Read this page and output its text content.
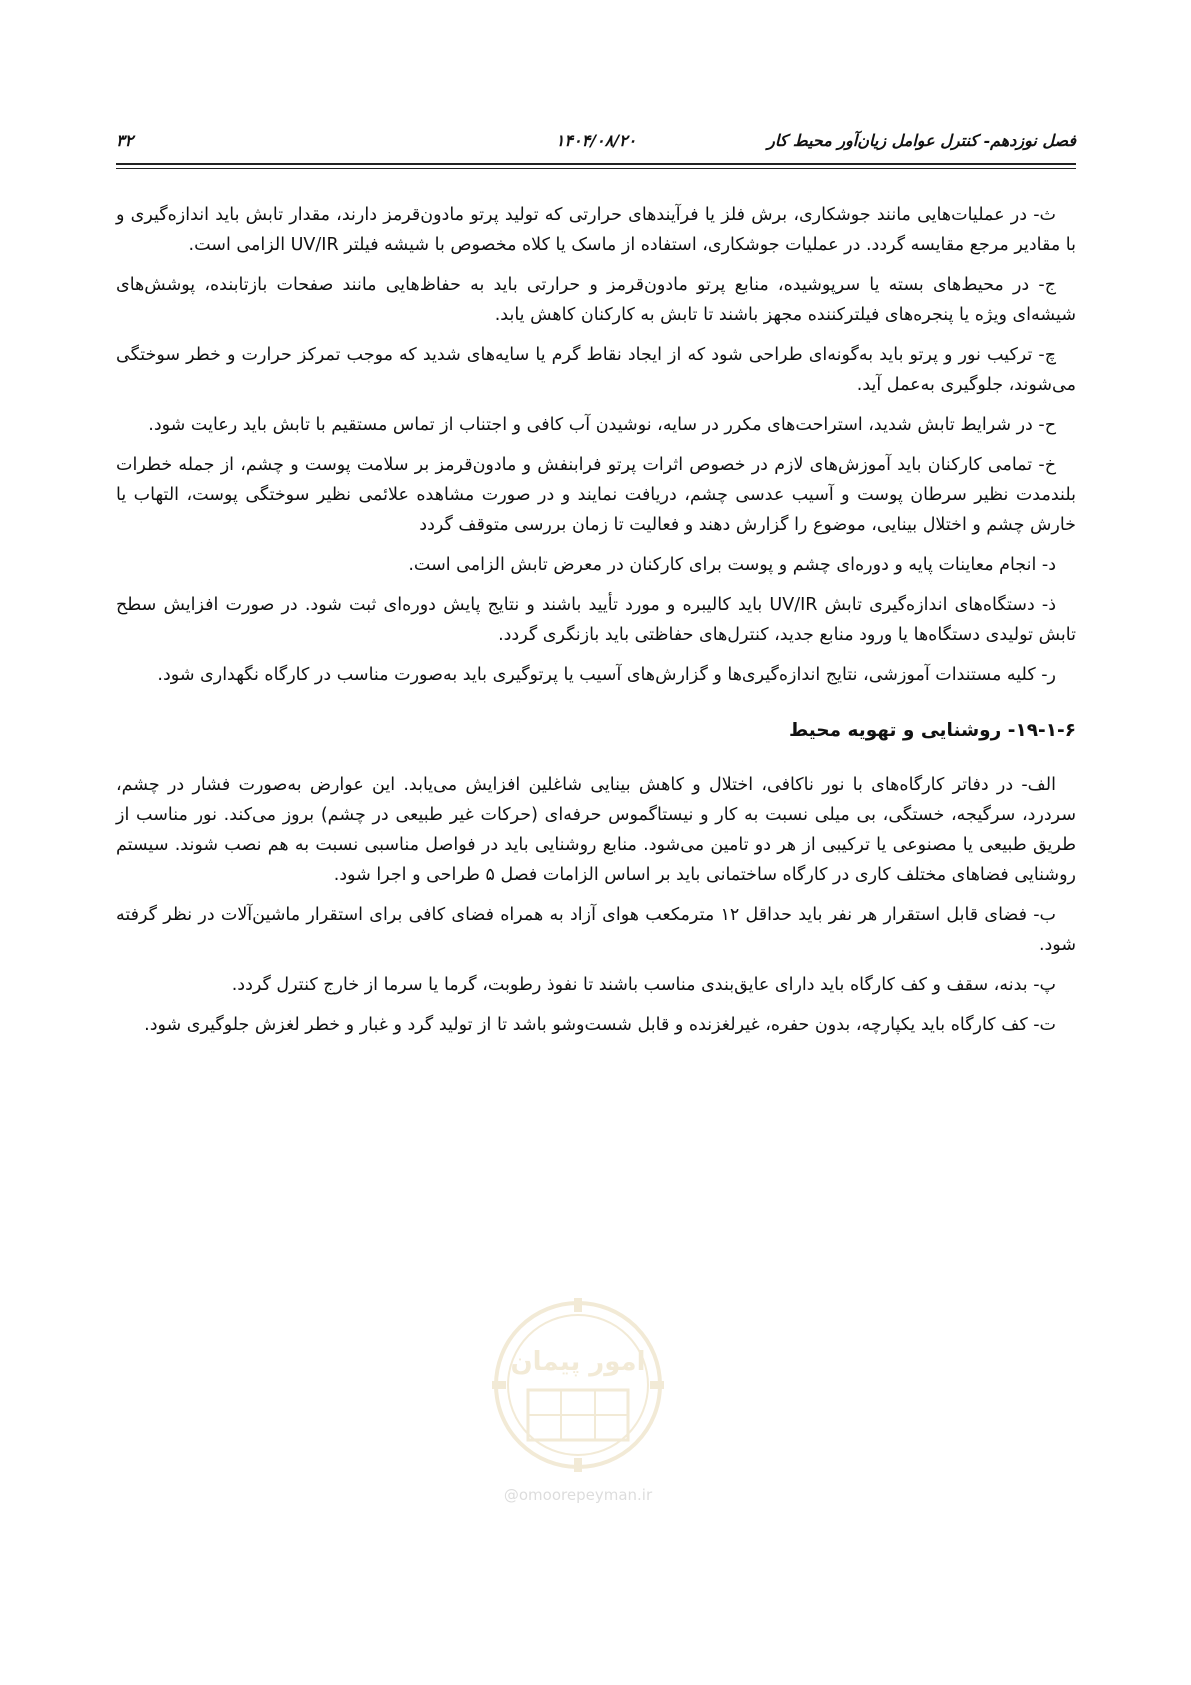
فصل نوزدهم- کنترل عوامل زیان‌آور محیط کار
۱۴۰۴/۰۸/۲۰
۳۲

ث- در عملیات‌هایی مانند جوشکاری، برش فلز یا فرآیندهای حرارتی که تولید پرتو مادون‌قرمز دارند، مقدار تابش باید اندازه‌گیری و با مقادیر مرجع مقایسه گردد. در عملیات جوشکاری، استفاده از ماسک یا کلاه مخصوص با شیشه فیلتر UV/IR الزامی است.

ج- در محیط‌های بسته یا سرپوشیده، منابع پرتو مادون‌قرمز و حرارتی باید به حفاظ‌هایی مانند صفحات بازتابنده، پوشش‌های شیشه‌ای ویژه یا پنجره‌های فیلترکننده مجهز باشند تا تابش به کارکنان کاهش یابد.

چ- ترکیب نور و پرتو باید به‌گونه‌ای طراحی شود که از ایجاد نقاط گرم یا سایه‌های شدید که موجب تمرکز حرارت و خطر سوختگی می‌شوند، جلوگیری به‌عمل آید.

ح- در شرایط تابش شدید، استراحت‌های مکرر در سایه، نوشیدن آب کافی و اجتناب از تماس مستقیم با تابش باید رعایت شود.

خ- تمامی کارکنان باید آموزش‌های لازم در خصوص اثرات پرتو فرابنفش و مادون‌قرمز بر سلامت پوست و چشم، از جمله خطرات بلندمدت نظیر سرطان پوست و آسیب عدسی چشم، دریافت نمایند و در صورت مشاهده علائمی نظیر سوختگی پوست، التهاب یا خارش چشم و اختلال بینایی، موضوع را گزارش دهند و فعالیت تا زمان بررسی متوقف گردد

د- انجام معاینات پایه و دوره‌ای چشم و پوست برای کارکنان در معرض تابش الزامی است.

ذ- دستگاه‌های اندازه‌گیری تابش UV/IR باید کالیبره و مورد تأیید باشند و نتایج پایش دوره‌ای ثبت شود. در صورت افزایش سطح تابش تولیدی دستگاه‌ها یا ورود منابع جدید، کنترل‌های حفاظتی باید بازنگری گردد.

ر- کلیه مستندات آموزشی، نتایج اندازه‌گیری‌ها و گزارش‌های آسیب یا پرتوگیری باید به‌صورت مناسب در کارگاه نگهداری شود.

۱۹-۱-۶- روشنایی و تهویه محیط

الف- در دفاتر کارگاه‌های با نور ناکافی، اختلال و کاهش بینایی شاغلین افزایش می‌یابد. این عوارض به‌صورت فشار در چشم، سردرد، سرگیجه، خستگی، بی میلی نسبت به کار و نیستاگموس حرفه‌ای (حرکات غیر طبیعی در چشم) بروز می‌کند. نور مناسب از طریق طبیعی یا مصنوعی یا ترکیبی از هر دو تامین می‌شود. منابع روشنایی باید در فواصل مناسبی نسبت به هم نصب شوند. سیستم روشنایی فضاهای مختلف کاری در کارگاه ساختمانی باید بر اساس الزامات فصل ۵ طراحی و اجرا شود.

ب- فضای قابل استقرار هر نفر باید حداقل ۱۲ مترمکعب هوای آزاد به همراه فضای کافی برای استقرار ماشین‌آلات در نظر گرفته شود.

پ- بدنه، سقف و کف کارگاه باید دارای عایق‌بندی مناسب باشند تا نفوذ رطوبت، گرما یا سرما از خارج کنترل گردد.

ت- کف کارگاه باید یکپارچه، بدون حفره، غیرلغزنده و قابل شست‌وشو باشد تا از تولید گرد و غبار و خطر لغزش جلوگیری شود.

امور پیمان
@omoorepeyman.ir
